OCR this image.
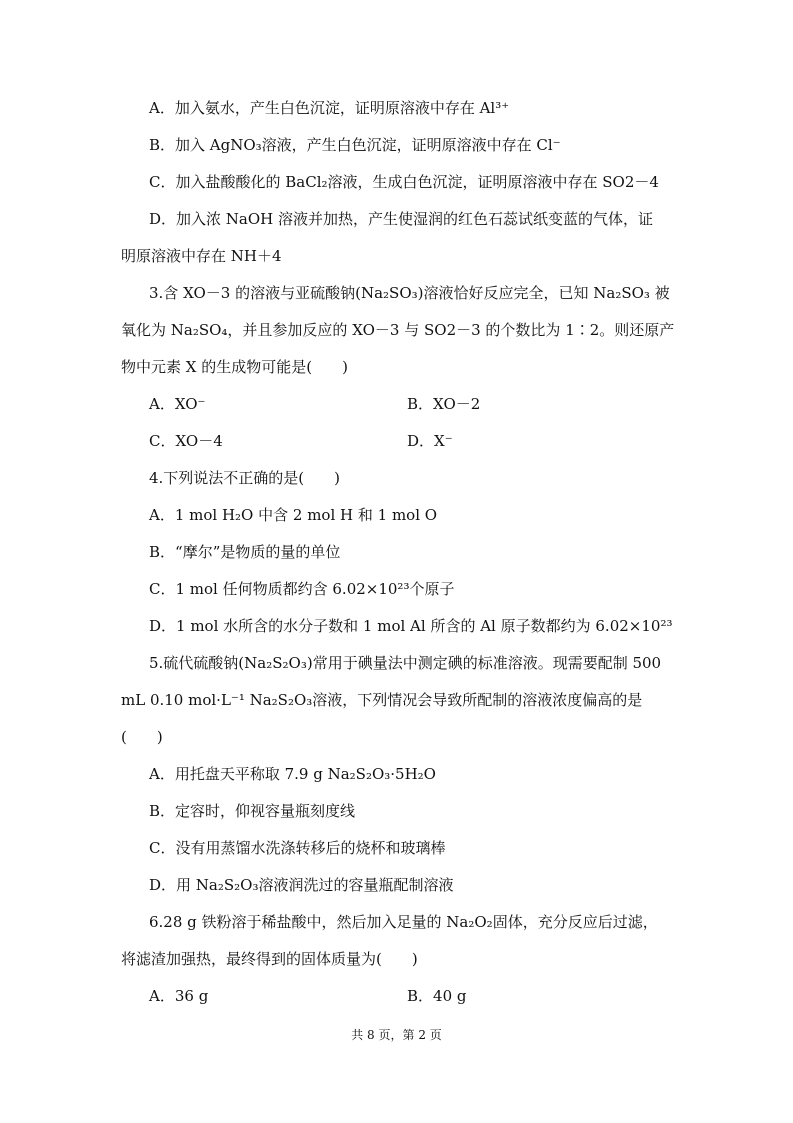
A．加入氨水，产生白色沉淀，证明原溶液中存在 Al³⁺
B．加入 AgNO₃溶液，产生白色沉淀，证明原溶液中存在 Cl⁻
C．加入盐酸酸化的 BaCl₂溶液，生成白色沉淀，证明原溶液中存在 SO2－4
D．加入浓 NaOH 溶液并加热，产生使湿润的红色石蕊试纸变蓝的气体，证
明原溶液中存在 NH＋4
3.含 XO－3 的溶液与亚硫酸钠(Na₂SO₃)溶液恰好反应完全，已知 Na₂SO₃ 被
氧化为 Na₂SO₄，并且参加反应的 XO－3 与 SO2－3 的个数比为 1∶2。则还原产
物中元素 X 的生成物可能是(　　)
A．XO⁻	B．XO－2
C．XO－4	D．X⁻
4.下列说法不正确的是(　　)
A．1 mol H₂O 中含 2 mol H 和 1 mol O
B．“摩尔”是物质的量的单位
C．1 mol 任何物质都约含 6.02×10²³个原子
D．1 mol 水所含的水分子数和 1 mol Al 所含的 Al 原子数都约为 6.02×10²³
5.硫代硫酸钠(Na₂S₂O₃)常用于碘量法中测定碘的标准溶液。现需要配制 500
mL 0.10 mol·L⁻¹ Na₂S₂O₃溶液，下列情况会导致所配制的溶液浓度偏高的是
(　　)
A．用托盘天平称取 7.9 g Na₂S₂O₃·5H₂O
B．定容时，仰视容量瓶刻度线
C．没有用蒸馏水洗涤转移后的烧杯和玻璃棒
D．用 Na₂S₂O₃溶液润洗过的容量瓶配制溶液
6.28 g 铁粉溶于稀盐酸中，然后加入足量的 Na₂O₂固体，充分反应后过滤，
将滤渣加强热，最终得到的固体质量为(　　)
A．36 g	B．40 g
共 8 页，第 2 页
